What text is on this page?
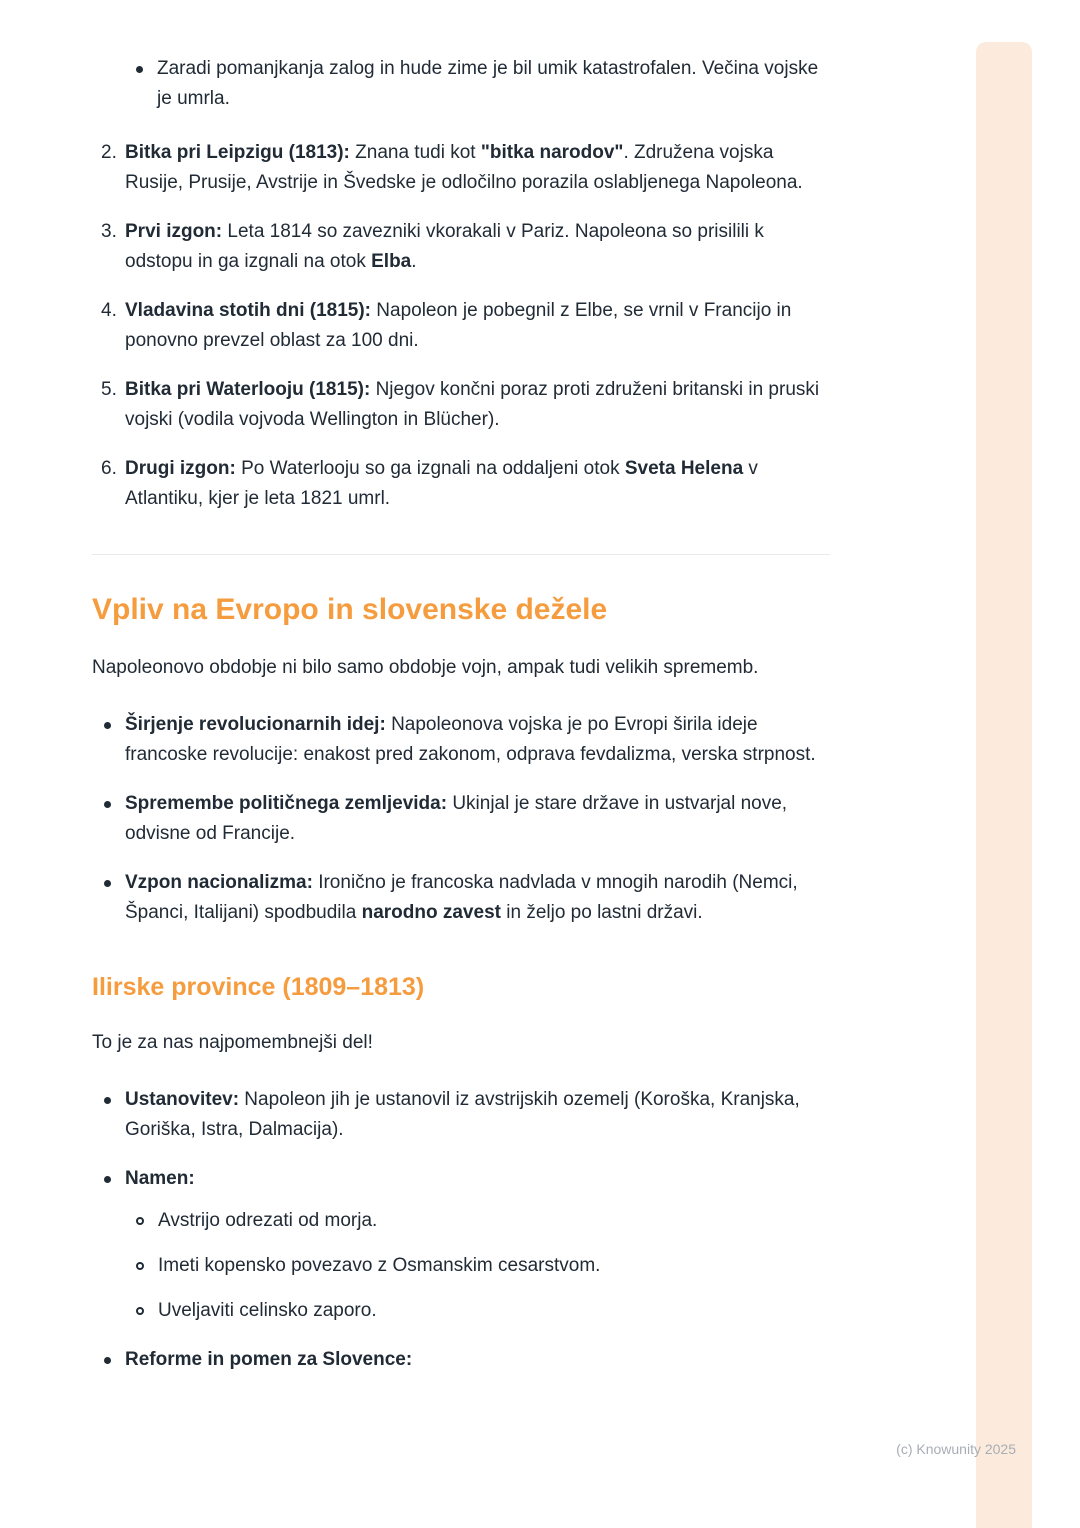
Zaradi pomanjkanja zalog in hude zime je bil umik katastrofalen. Večina vojske je umrla.
2. Bitka pri Leipzigu (1813): Znana tudi kot "bitka narodov". Združena vojska Rusije, Prusije, Avstrije in Švedske je odločilno porazila oslabljenega Napoleona.
3. Prvi izgon: Leta 1814 so zavezniki vkorakali v Pariz. Napoleona so prisilili k odstopu in ga izgnali na otok Elba.
4. Vladavina stotih dni (1815): Napoleon je pobegnil z Elbe, se vrnil v Francijo in ponovno prevzel oblast za 100 dni.
5. Bitka pri Waterlooju (1815): Njegov končni poraz proti združeni britanski in pruski vojski (vodila vojvoda Wellington in Blücher).
6. Drugi izgon: Po Waterlooju so ga izgnali na oddaljeni otok Sveta Helena v Atlantiku, kjer je leta 1821 umrl.
Vpliv na Evropo in slovenske dežele

Napoleonovo obdobje ni bilo samo obdobje vojn, ampak tudi velikih sprememb.

Širjenje revolucionarnih idej: Napoleonova vojska je po Evropi širila ideje francoske revolucije: enakost pred zakonom, odprava fevdalizma, verska strpnost.
Spremembe političnega zemljevida: Ukinjal je stare države in ustvarjal nove, odvisne od Francije.
Vzpon nacionalizma: Ironično je francoska nadvlada v mnogih narodih (Nemci, Španci, Italijani) spodbudila narodno zavest in željo po lastni državi.
Ilirske province (1809–1813)

To je za nas najpomembnejši del!

Ustanovitev: Napoleon jih je ustanovil iz avstrijskih ozemelj (Koroška, Kranjska, Goriška, Istra, Dalmacija).
Namen:
Avstrijo odrezati od morja.
Imeti kopensko povezavo z Osmanskim cesarstvom.
Uveljaviti celinsko zaporo.
Reforme in pomen za Slovence:
(c) Knowunity 2025
